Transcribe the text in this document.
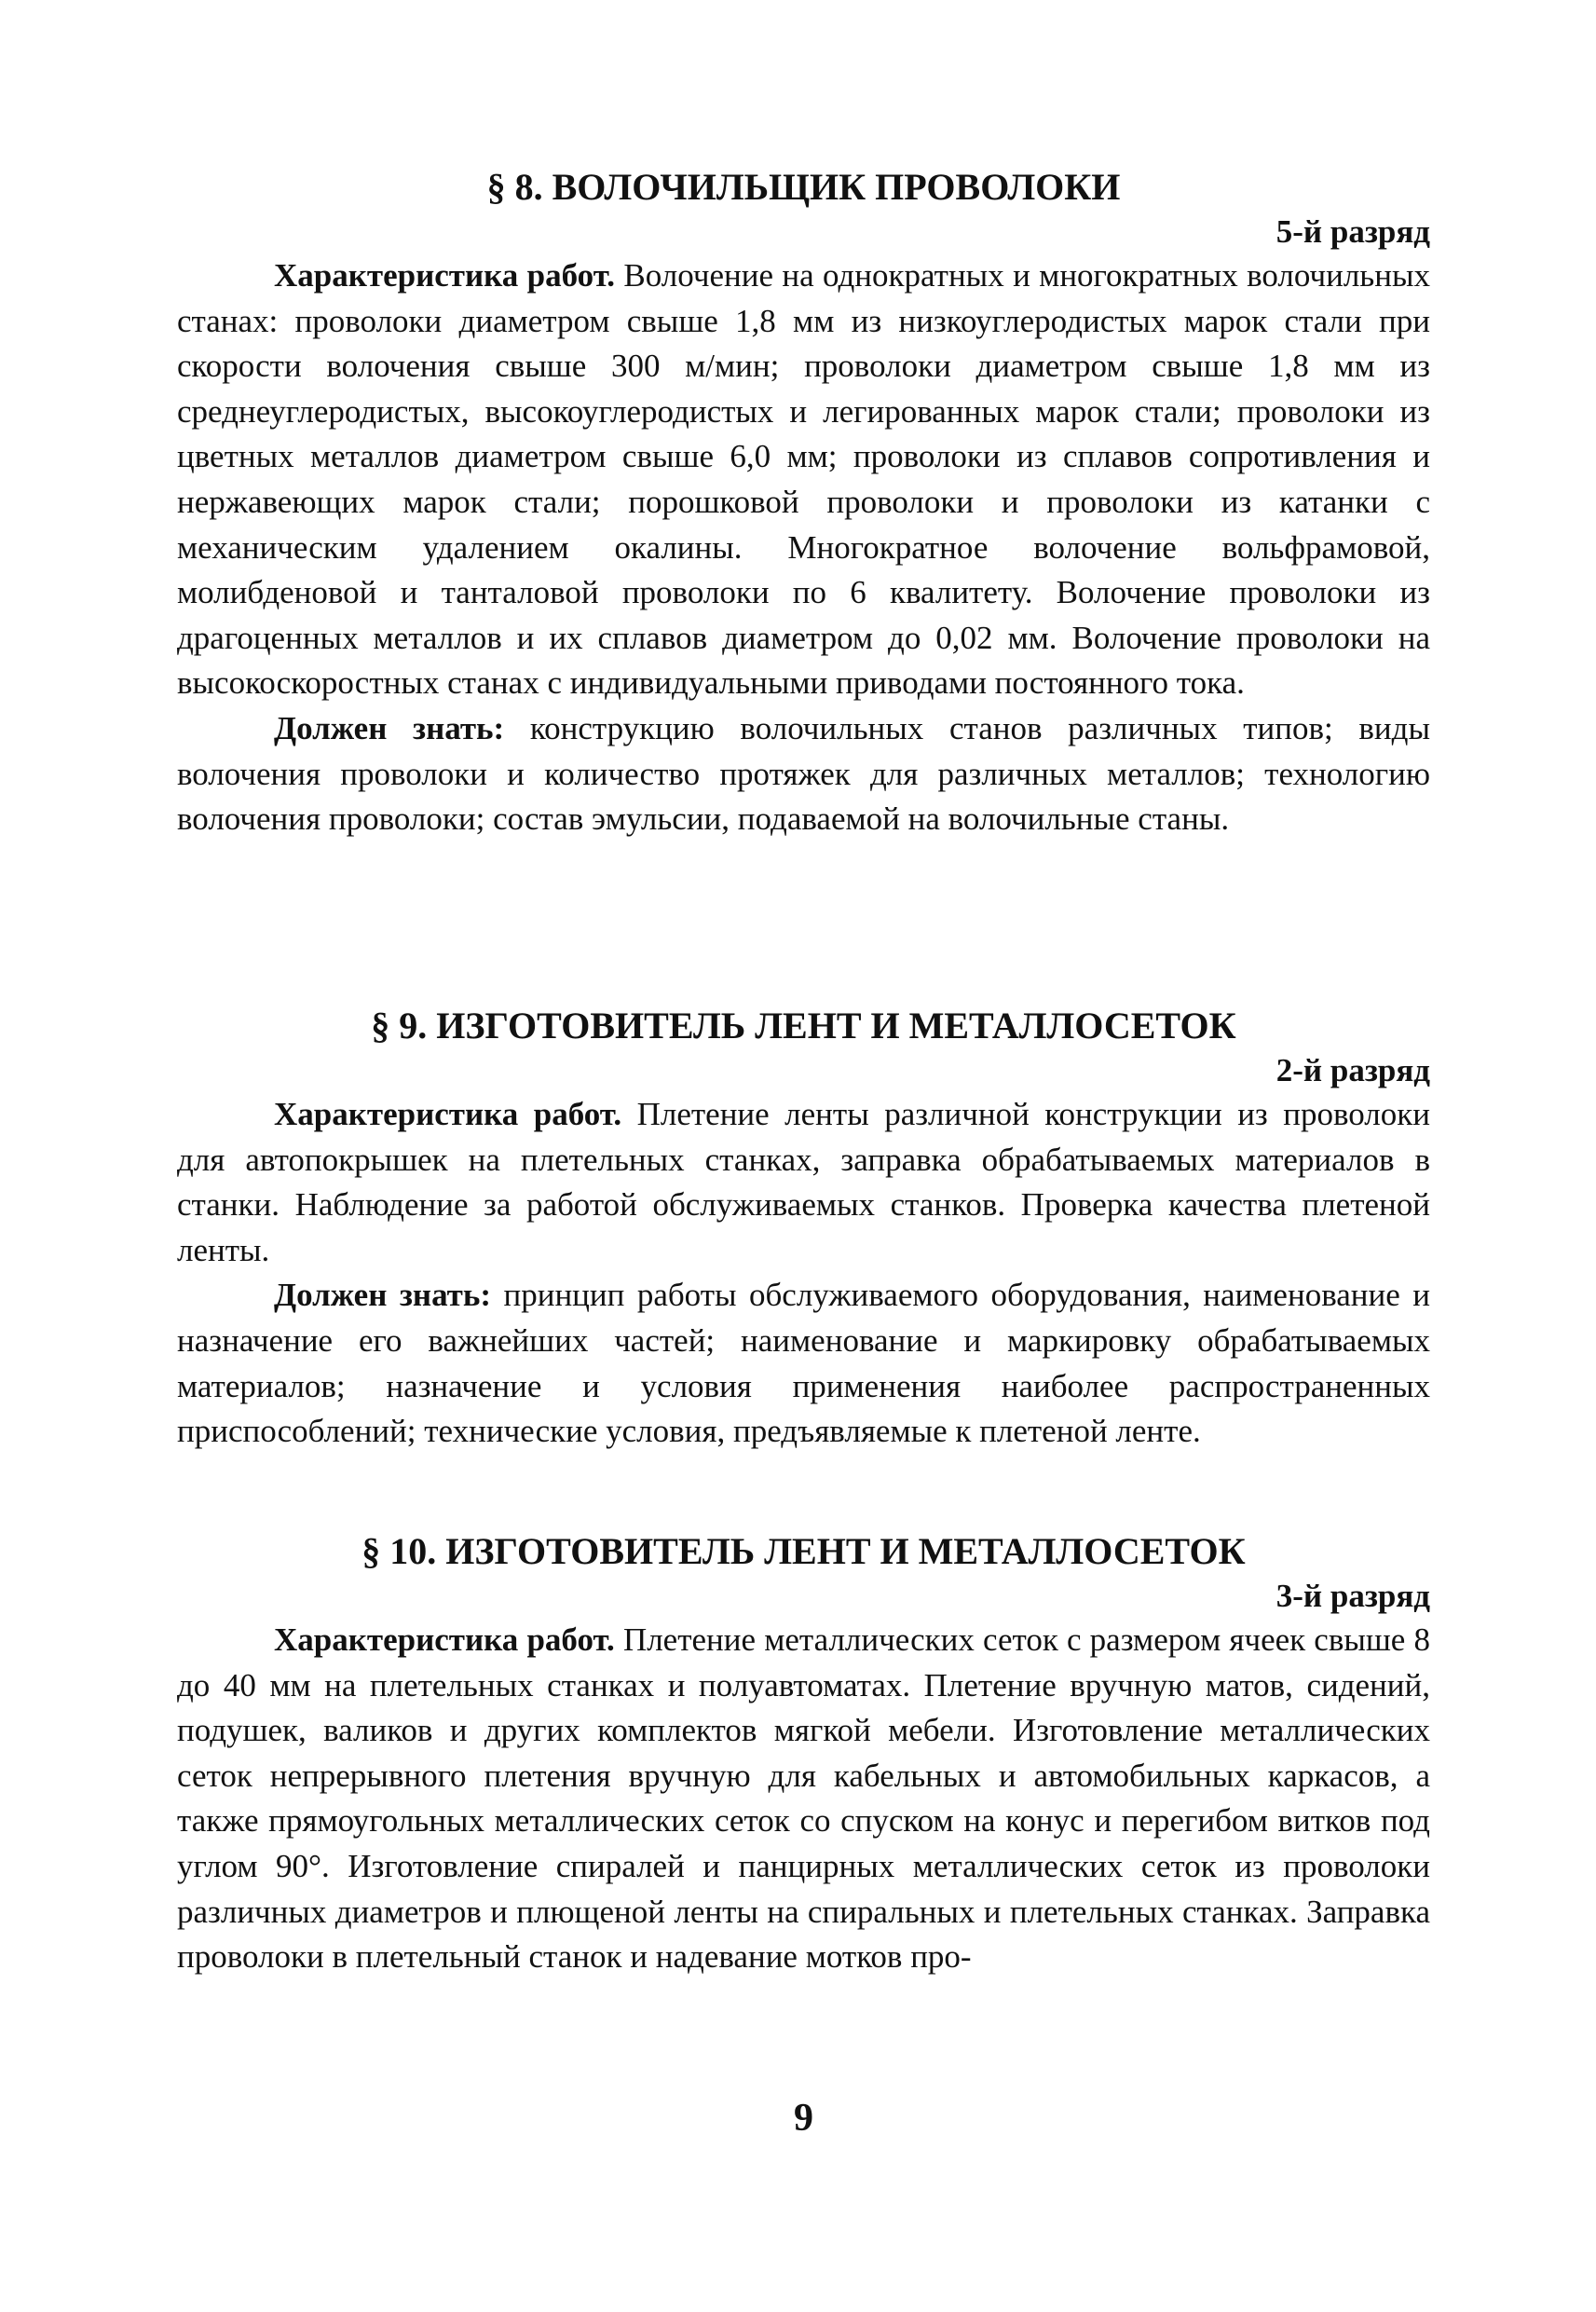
§ 8. ВОЛОЧИЛЬЩИК ПРОВОЛОКИ
5-й разряд

Характеристика работ. Волочение на однократных и многократных волочильных станах: проволоки диаметром свыше 1,8 мм из низкоуглеродистых марок стали при скорости волочения свыше 300 м/мин; проволоки диаметром свыше 1,8 мм из среднеуглеродистых, высокоуглеродистых и легированных марок стали; проволоки из цветных металлов диаметром свыше 6,0 мм; проволоки из сплавов сопротивления и нержавеющих марок стали; порошковой проволоки и проволоки из катанки с механическим удалением окалины. Многократное волочение вольфрамовой, молибденовой и танталовой проволоки по 6 квалитету. Волочение проволоки из драгоценных металлов и их сплавов диаметром до 0,02 мм. Волочение проволоки на высокоскоростных станах с индивидуальными приводами постоянного тока.

Должен знать: конструкцию волочильных станов различных типов; виды волочения проволоки и количество протяжек для различных металлов; технологию волочения проволоки; состав эмульсии, подаваемой на волочильные станы.

§ 9. ИЗГОТОВИТЕЛЬ ЛЕНТ И МЕТАЛЛОСЕТОК
2-й разряд

Характеристика работ. Плетение ленты различной конструкции из проволоки для автопокрышек на плетельных станках, заправка обрабатываемых материалов в станки. Наблюдение за работой обслуживаемых станков. Проверка качества плетеной ленты.

Должен знать: принцип работы обслуживаемого оборудования, наименование и назначение его важнейших частей; наименование и маркировку обрабатываемых материалов; назначение и условия применения наиболее распространенных приспособлений; технические условия, предъявляемые к плетеной ленте.

§ 10. ИЗГОТОВИТЕЛЬ ЛЕНТ И МЕТАЛЛОСЕТОК
3-й разряд

Характеристика работ. Плетение металлических сеток с размером ячеек свыше 8 до 40 мм на плетельных станках и полуавтоматах. Плетение вручную матов, сидений, подушек, валиков и других комплектов мягкой мебели. Изготовление металлических сеток непрерывного плетения вручную для кабельных и автомобильных каркасов, а также прямоугольных металлических сеток со спуском на конус и перегибом витков под углом 90°. Изготовление спиралей и панцирных металлических сеток из проволоки различных диаметров и плющеной ленты на спиральных и плетельных станках. Заправка проволоки в плетельный станок и надевание мотков про-

9
